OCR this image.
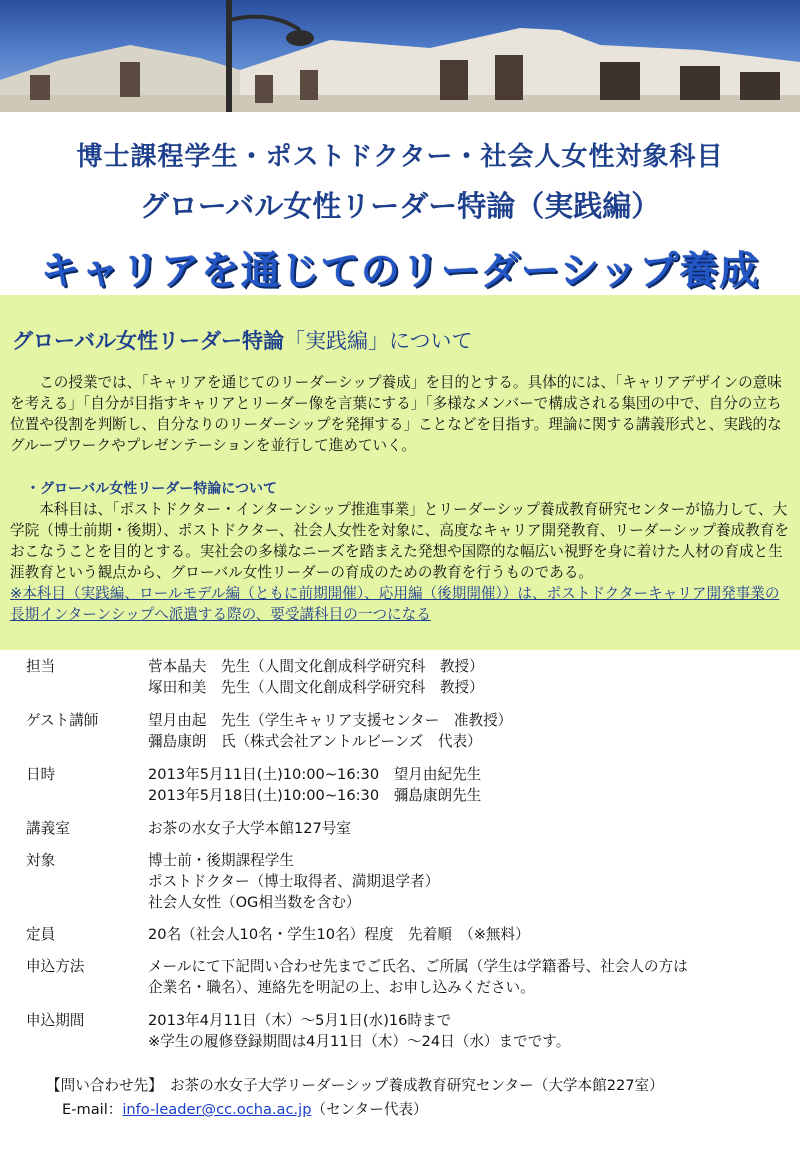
博士課程学生・ポストドクター・社会人女性対象科目
グローバル女性リーダー特論（実践編）
キャリアを通じてのリーダーシップ養成
グローバル女性リーダー特論「実践編」について
この授業では、「キャリアを通じてのリーダーシップ養成」を目的とする。具体的には、「キャリアデザインの意味を考える」「自分が目指すキャリアとリーダー像を言葉にする」「多様なメンバーで構成される集団の中で、自分の立ち位置や役割を判断し、自分なりのリーダーシップを発揮する」ことなどを目指す。理論に関する講義形式と、実践的なグループワークやプレゼンテーションを並行して進めていく。
・グローバル女性リーダー特論について
本科目は、「ポストドクター・インターンシップ推進事業」とリーダーシップ養成教育研究センターが協力して、大学院（博士前期・後期）、ポストドクター、社会人女性を対象に、高度なキャリア開発教育、リーダーシップ養成教育をおこなうことを目的とする。実社会の多様なニーズを踏まえた発想や国際的な幅広い視野を身に着けた人材の育成と生涯教育という観点から、グローバル女性リーダーの育成のための教育を行うものである。
※本科目（実践編、ロールモデル編（ともに前期開催）、応用編（後期開催））は、ポストドクターキャリア開発事業の長期インターンシップへ派遣する際の、要受講科目の一つになる
担当	菅本晶夫　先生（人間文化創成科学研究科　教授）
塚田和美　先生（人間文化創成科学研究科　教授）
ゲスト講師	望月由起　先生（学生キャリア支援センター　准教授）
彌島康朗　氏（株式会社アントルビーンズ　代表）
日時	2013年5月11日(土)10:00~16:30　望月由紀先生
2013年5月18日(土)10:00~16:30　彌島康朗先生
講義室	お茶の水女子大学本館127号室
対象	博士前・後期課程学生
ポストドクター（博士取得者、満期退学者）
社会人女性（OG相当数を含む）
定員	20名（社会人10名・学生10名）程度　先着順　（※無料）
申込方法	メールにて下記問い合わせ先までご氏名、ご所属（学生は学籍番号、社会人の方は
企業名・職名）、連絡先を明記の上、お申し込みください。
申込期間	2013年4月11日（木）～5月1日(水)16時まで
※学生の履修登録期間は4月11日（木）～24日（水）までです。
【問い合わせ先】　お茶の水女子大学リーダーシップ養成教育研究センター（大学本館227室）
E-mail：info-leader@cc.ocha.ac.jp（センター代表）
